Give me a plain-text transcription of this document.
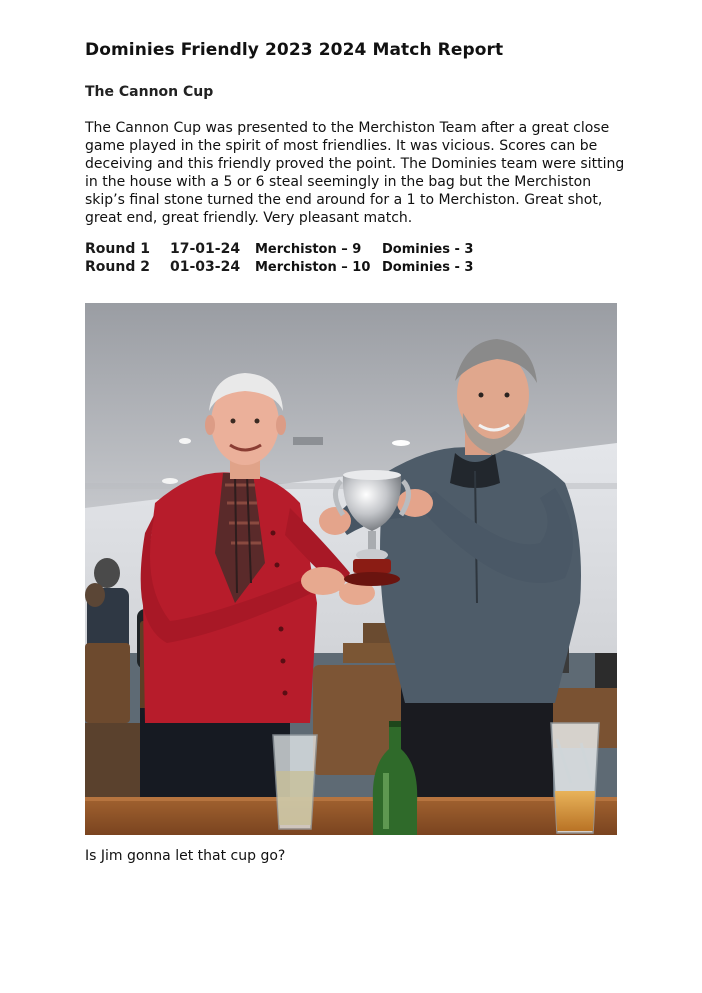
Dominies Friendly 2023 2024 Match Report
The Cannon Cup

The Cannon Cup was presented to the Merchiston Team after a great close game played in the spirit of most friendlies. It was vicious. Scores can be deceiving and this friendly proved the point. The Dominies team were sitting in the house with a 5 or 6 steal seemingly in the bag but the Merchiston skip’s final stone turned the end around for a 1 to Merchiston. Great shot, great end, great friendly. Very pleasant match.

Round 1 17-01-24 Merchiston – 9 Dominies - 3
Round 2 01-03-24 Merchiston – 10 Dominies - 3
Is Jim gonna let that cup go?
